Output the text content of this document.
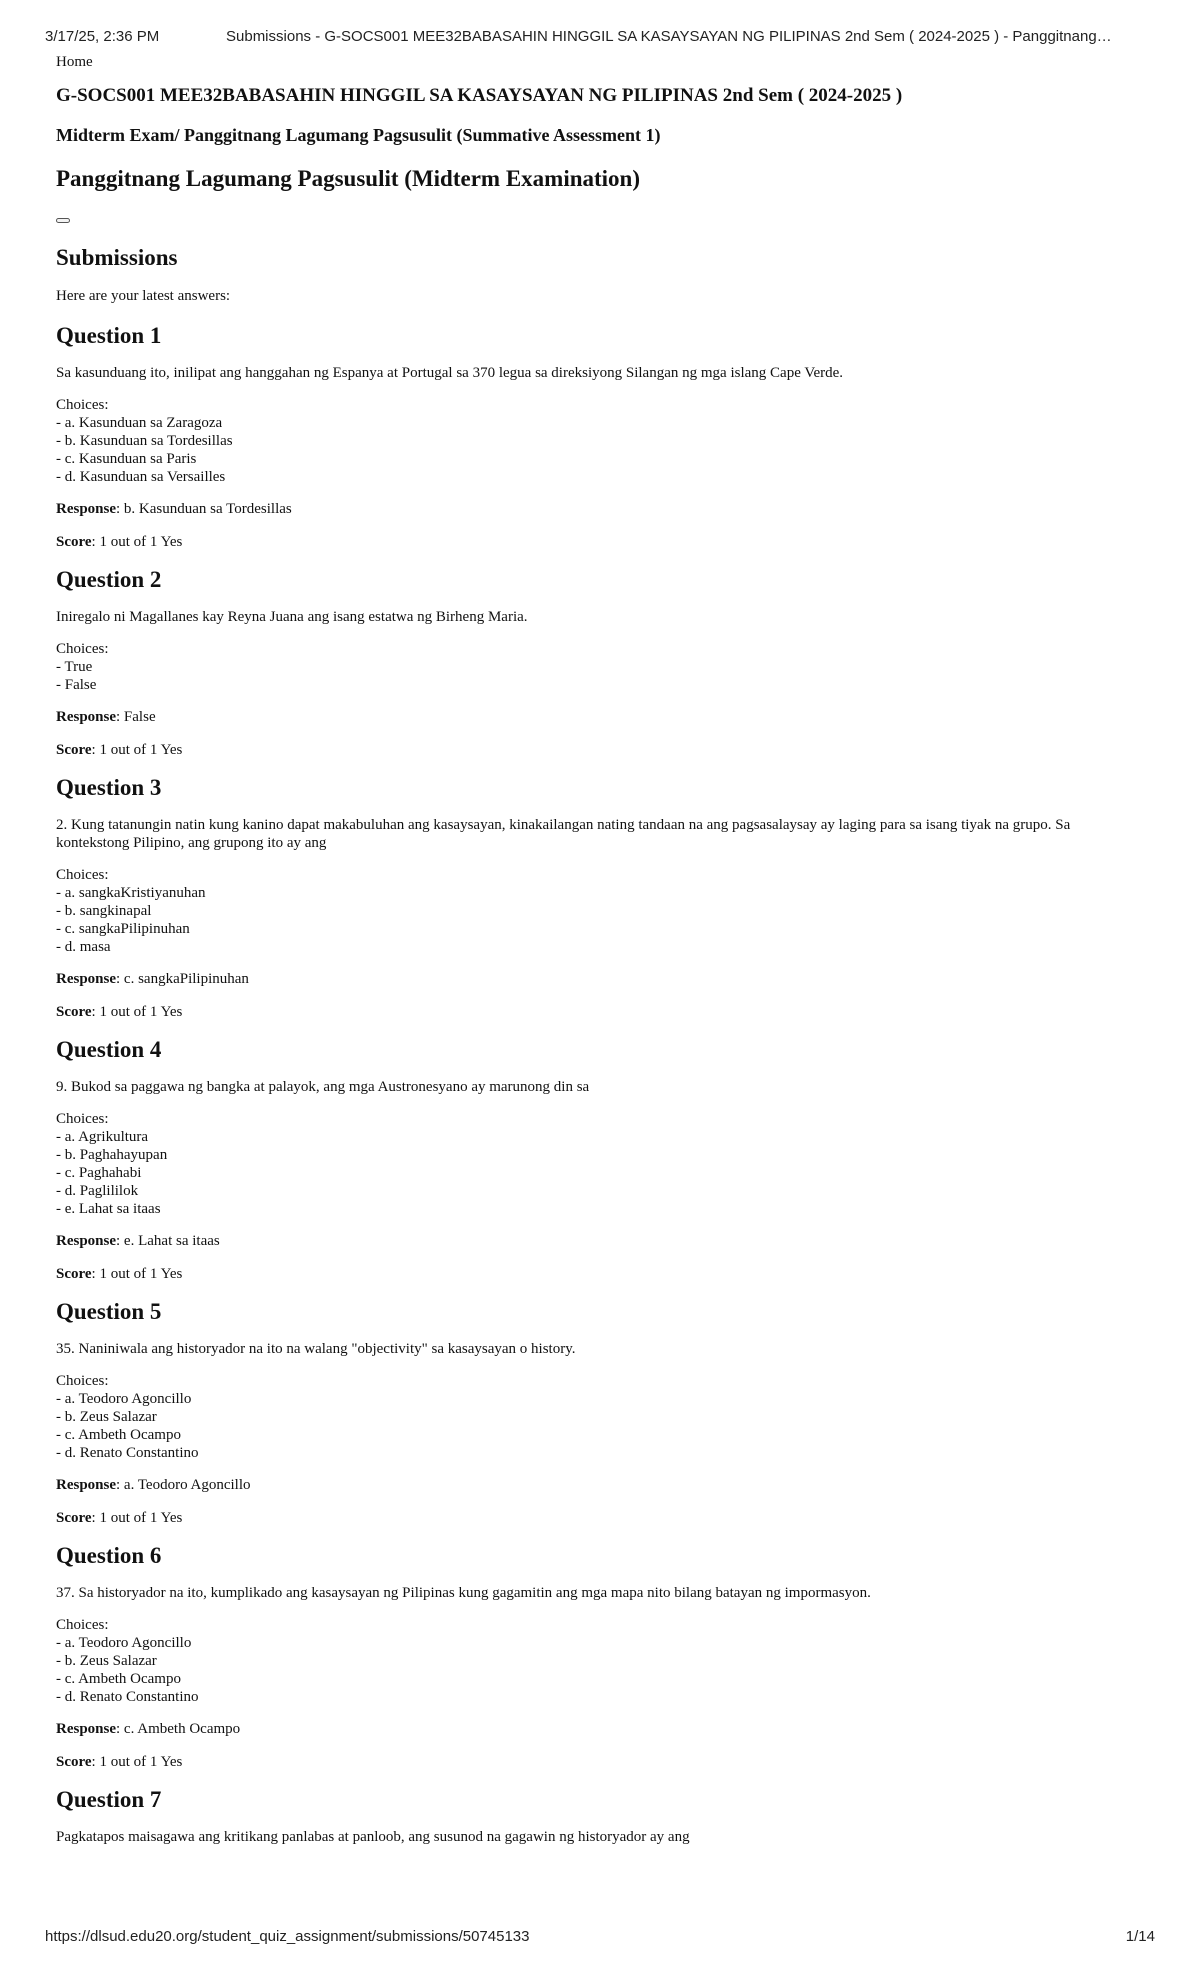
3/17/25, 2:36 PM	Submissions - G-SOCS001 MEE32BABASAHIN HINGGIL SA KASAYSAYAN NG PILIPINAS 2nd Sem ( 2024-2025 ) - Panggitnang…
Home
G-SOCS001 MEE32BABASAHIN HINGGIL SA KASAYSAYAN NG PILIPINAS 2nd Sem ( 2024-2025 )
Midterm Exam/ Panggitnang Lagumang Pagsusulit (Summative Assessment 1)
Panggitnang Lagumang Pagsusulit (Midterm Examination)
Submissions

Here are your latest answers:

Question 1

Sa kasunduang ito, inilipat ang hanggahan ng Espanya at Portugal sa 370 legua sa direksiyong Silangan ng mga islang Cape Verde.

Choices:
- a. Kasunduan sa Zaragoza
- b. Kasunduan sa Tordesillas
- c. Kasunduan sa Paris
- d. Kasunduan sa Versailles
Response: b. Kasunduan sa Tordesillas
Score: 1 out of 1 Yes
Question 2

Iniregalo ni Magallanes kay Reyna Juana ang isang estatwa ng Birheng Maria.

Choices:
- True
- False
Response: False
Score: 1 out of 1 Yes
Question 3

2. Kung tatanungin natin kung kanino dapat makabuluhan ang kasaysayan, kinakailangan nating tandaan na ang pagsasalaysay ay laging para sa isang tiyak na grupo. Sa kontekstong Pilipino, ang grupong ito ay ang

Choices:
- a. sangkaKristiyanuhan
- b. sangkinapal
- c. sangkaPilipinuhan
- d. masa
Response: c. sangkaPilipinuhan
Score: 1 out of 1 Yes
Question 4

9. Bukod sa paggawa ng bangka at palayok, ang mga Austronesyano ay marunong din sa

Choices:
- a. Agrikultura
- b. Paghahayupan
- c. Paghahabi
- d. Paglililok
- e. Lahat sa itaas
Response: e. Lahat sa itaas
Score: 1 out of 1 Yes
Question 5

35. Naniniwala ang historyador na ito na walang "objectivity" sa kasaysayan o history.

Choices:
- a. Teodoro Agoncillo
- b. Zeus Salazar
- c. Ambeth Ocampo
- d. Renato Constantino
Response: a. Teodoro Agoncillo
Score: 1 out of 1 Yes
Question 6

37. Sa historyador na ito, kumplikado ang kasaysayan ng Pilipinas kung gagamitin ang mga mapa nito bilang batayan ng impormasyon.

Choices:
- a. Teodoro Agoncillo
- b. Zeus Salazar
- c. Ambeth Ocampo
- d. Renato Constantino
Response: c. Ambeth Ocampo
Score: 1 out of 1 Yes
Question 7

Pagkatapos maisagawa ang kritikang panlabas at panloob, ang susunod na gagawin ng historyador ay ang

https://dlsud.edu20.org/student_quiz_assignment/submissions/50745133	1/14
